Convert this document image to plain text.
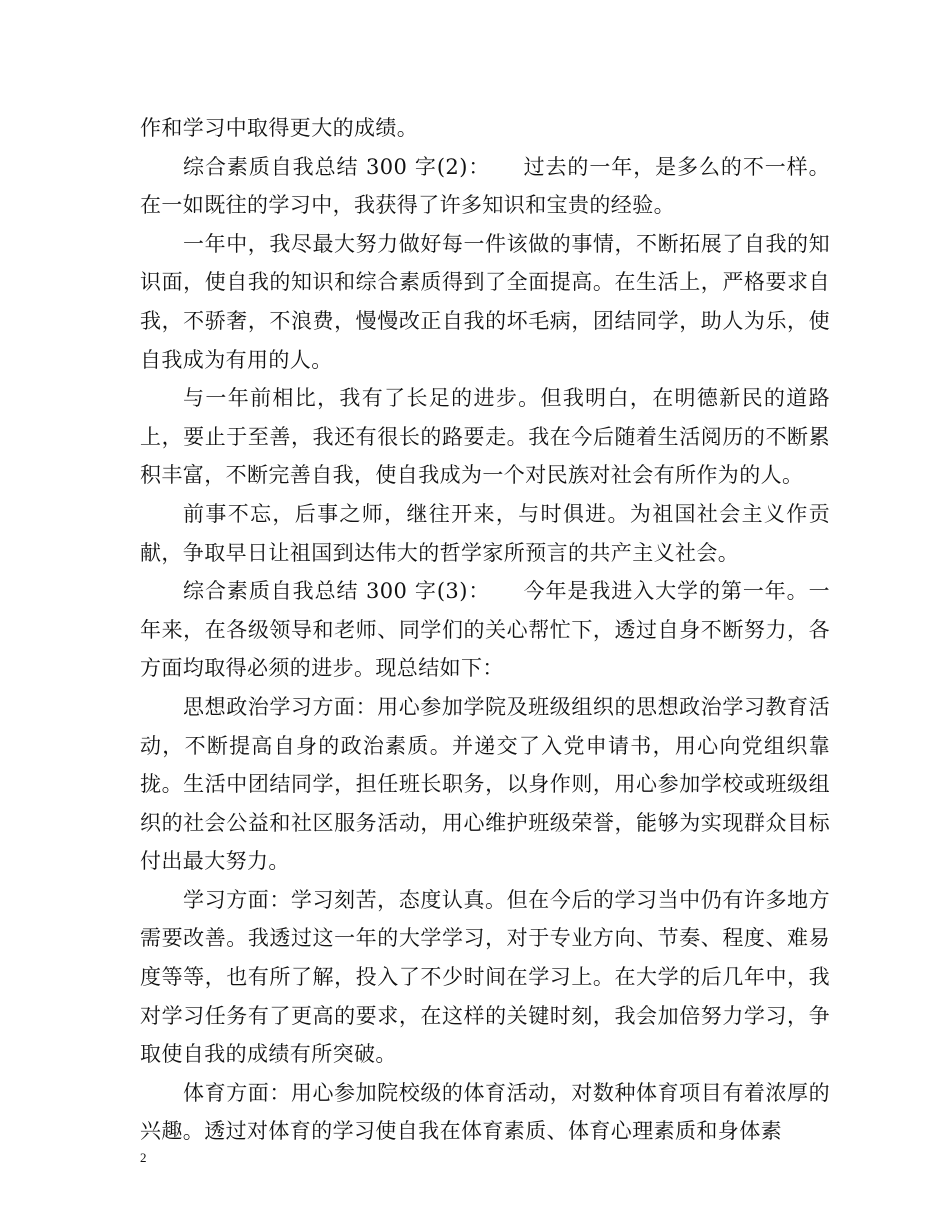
作和学习中取得更大的成绩。

综合素质自我总结 300 字(2)：　　过去的一年，是多么的不一样。在一如既往的学习中，我获得了许多知识和宝贵的经验。

一年中，我尽最大努力做好每一件该做的事情，不断拓展了自我的知识面，使自我的知识和综合素质得到了全面提高。在生活上，严格要求自我，不骄奢，不浪费，慢慢改正自我的坏毛病，团结同学，助人为乐，使自我成为有用的人。

与一年前相比，我有了长足的进步。但我明白，在明德新民的道路上，要止于至善，我还有很长的路要走。我在今后随着生活阅历的不断累积丰富，不断完善自我，使自我成为一个对民族对社会有所作为的人。

前事不忘，后事之师，继往开来，与时俱进。为祖国社会主义作贡献，争取早日让祖国到达伟大的哲学家所预言的共产主义社会。

综合素质自我总结 300 字(3)：　　今年是我进入大学的第一年。一年来，在各级领导和老师、同学们的关心帮忙下，透过自身不断努力，各方面均取得必须的进步。现总结如下：

思想政治学习方面：用心参加学院及班级组织的思想政治学习教育活动，不断提高自身的政治素质。并递交了入党申请书，用心向党组织靠拢。生活中团结同学，担任班长职务，以身作则，用心参加学校或班级组织的社会公益和社区服务活动，用心维护班级荣誉，能够为实现群众目标付出最大努力。

学习方面：学习刻苦，态度认真。但在今后的学习当中仍有许多地方需要改善。我透过这一年的大学学习，对于专业方向、节奏、程度、难易度等等，也有所了解，投入了不少时间在学习上。在大学的后几年中，我对学习任务有了更高的要求，在这样的关键时刻，我会加倍努力学习，争取使自我的成绩有所突破。

体育方面：用心参加院校级的体育活动，对数种体育项目有着浓厚的兴趣。透过对体育的学习使自我在体育素质、体育心理素质和身体素

2
